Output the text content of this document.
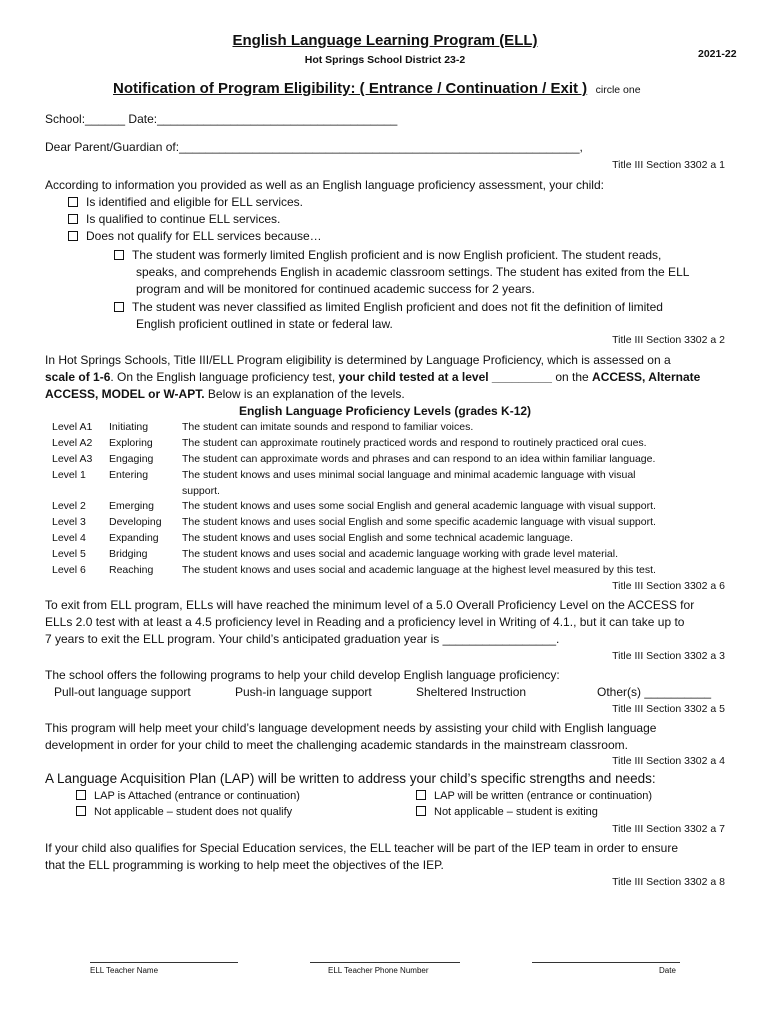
English Language Learning Program (ELL)
Hot Springs School District 23-2	2021-22
Notification of Program Eligibility: ( Entrance / Continuation / Exit ) circle one
School:______ Date:____________________________________
Dear Parent/Guardian of:____________________________________________________________,
Title III Section 3302 a 1
According to information you provided as well as an English language proficiency assessment, your child:
Is identified and eligible for ELL services.
Is qualified to continue ELL services.
Does not qualify for ELL services because…
The student was formerly limited English proficient and is now English proficient. The student reads,
speaks, and comprehends English in academic classroom settings. The student has exited from the ELL
program and will be monitored for continued academic success for 2 years.
The student was never classified as limited English proficient and does not fit the definition of limited
English proficient outlined in state or federal law.
Title III Section 3302 a 2
In Hot Springs Schools, Title III/ELL Program eligibility is determined by Language Proficiency, which is assessed on a
scale of 1-6. On the English language proficiency test, your child tested at a level _________ on the ACCESS, Alternate
ACCESS, MODEL or W-APT. Below is an explanation of the levels.
English Language Proficiency Levels (grades K-12)
Level A1 Initiating	The student can imitate sounds and respond to familiar voices.
Level A2 Exploring	The student can approximate routinely practiced words and respond to routinely practiced oral cues.
Level A3 Engaging	The student can approximate words and phrases and can respond to an idea within familiar language.
Level 1 Entering	The student knows and uses minimal social language and minimal academic language with visual
support.
Level 2 Emerging	The student knows and uses some social English and general academic language with visual support.
Level 3 Developing The student knows and uses social English and some specific academic language with visual support.
Level 4 Expanding The student knows and uses social English and some technical academic language.
Level 5 Bridging	The student knows and uses social and academic language working with grade level material.
Level 6 Reaching	The student knows and uses social and academic language at the highest level measured by this test.
Title III Section 3302 a 6
To exit from ELL program, ELLs will have reached the minimum level of a 5.0 Overall Proficiency Level on the ACCESS for
ELLs 2.0 test with at least a 4.5 proficiency level in Reading and a proficiency level in Writing of 4.1., but it can take up to
7 years to exit the ELL program. Your child’s anticipated graduation year is _________________.
Title III Section 3302 a 3
The school offers the following programs to help your child develop English language proficiency:
Pull-out language support	Push-in language support	Sheltered Instruction	Other(s) __________
Title III Section 3302 a 5
This program will help meet your child’s language development needs by assisting your child with English language
development in order for your child to meet the challenging academic standards in the mainstream classroom.
Title III Section 3302 a 4
A Language Acquisition Plan (LAP) will be written to address your child’s specific strengths and needs:
LAP is Attached (entrance or continuation)	LAP will be written (entrance or continuation)
Not applicable – student does not qualify	Not applicable – student is exiting
Title III Section 3302 a 7
If your child also qualifies for Special Education services, the ELL teacher will be part of the IEP team in order to ensure
that the ELL programming is working to help meet the objectives of the IEP.
Title III Section 3302 a 8
ELL Teacher Name	ELL Teacher Phone Number	Date
